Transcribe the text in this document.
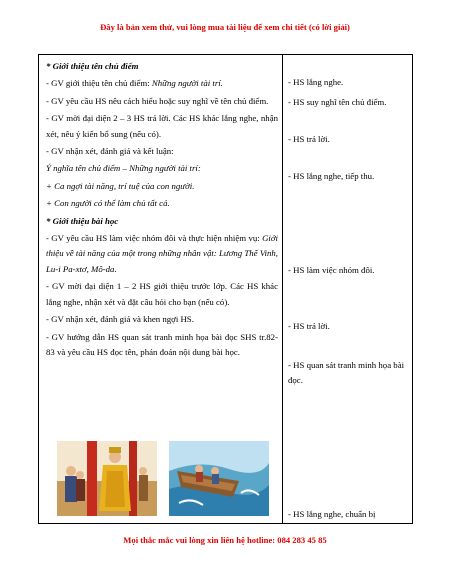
Đây là bản xem thử, vui lòng mua tài liệu để xem chi tiết (có lời giải)

* Giới thiệu tên chủ điểm

- GV giới thiệu tên chủ điểm: Những người tài trí.

- GV yêu cầu HS nêu cách hiểu hoặc suy nghĩ về tên chủ điểm.

- GV mời đại diện 2 – 3 HS trả lời. Các HS khác lắng nghe, nhận xét, nêu ý kiến bổ sung (nếu có).

- GV nhận xét, đánh giá và kết luận:

Ý nghĩa tên chủ điểm – Những người tài trí:

+ Ca ngợi tài năng, trí tuệ của con người.

+ Con người có thể làm chủ tất cả.

* Giới thiệu bài học

- GV yêu cầu HS làm việc nhóm đôi và thực hiện nhiệm vụ: Giới thiệu về tài năng của một trong những nhân vật: Lương Thế Vinh, Lu-i Pa-xtơ, Mô-da.

- GV mời đại diện 1 – 2 HS giới thiệu trước lớp. Các HS khác lắng nghe, nhận xét và đặt câu hỏi cho bạn (nếu có).

- GV nhận xét, đánh giá và khen ngợi HS.

- GV hướng dẫn HS quan sát tranh minh họa bài đọc SHS tr.82-83 và yêu cầu HS đọc tên, phán đoán nội dung bài học.

- HS lắng nghe.

- HS suy nghĩ tên chủ điểm.

- HS trả lời.

- HS lắng nghe, tiếp thu.

- HS làm việc nhóm đôi.

- HS trả lời.

- HS quan sát tranh minh họa bài đọc.

- HS lắng nghe, chuẩn bị

Mọi thắc mắc vui lòng xin liên hệ hotline: 084 283 45 85
